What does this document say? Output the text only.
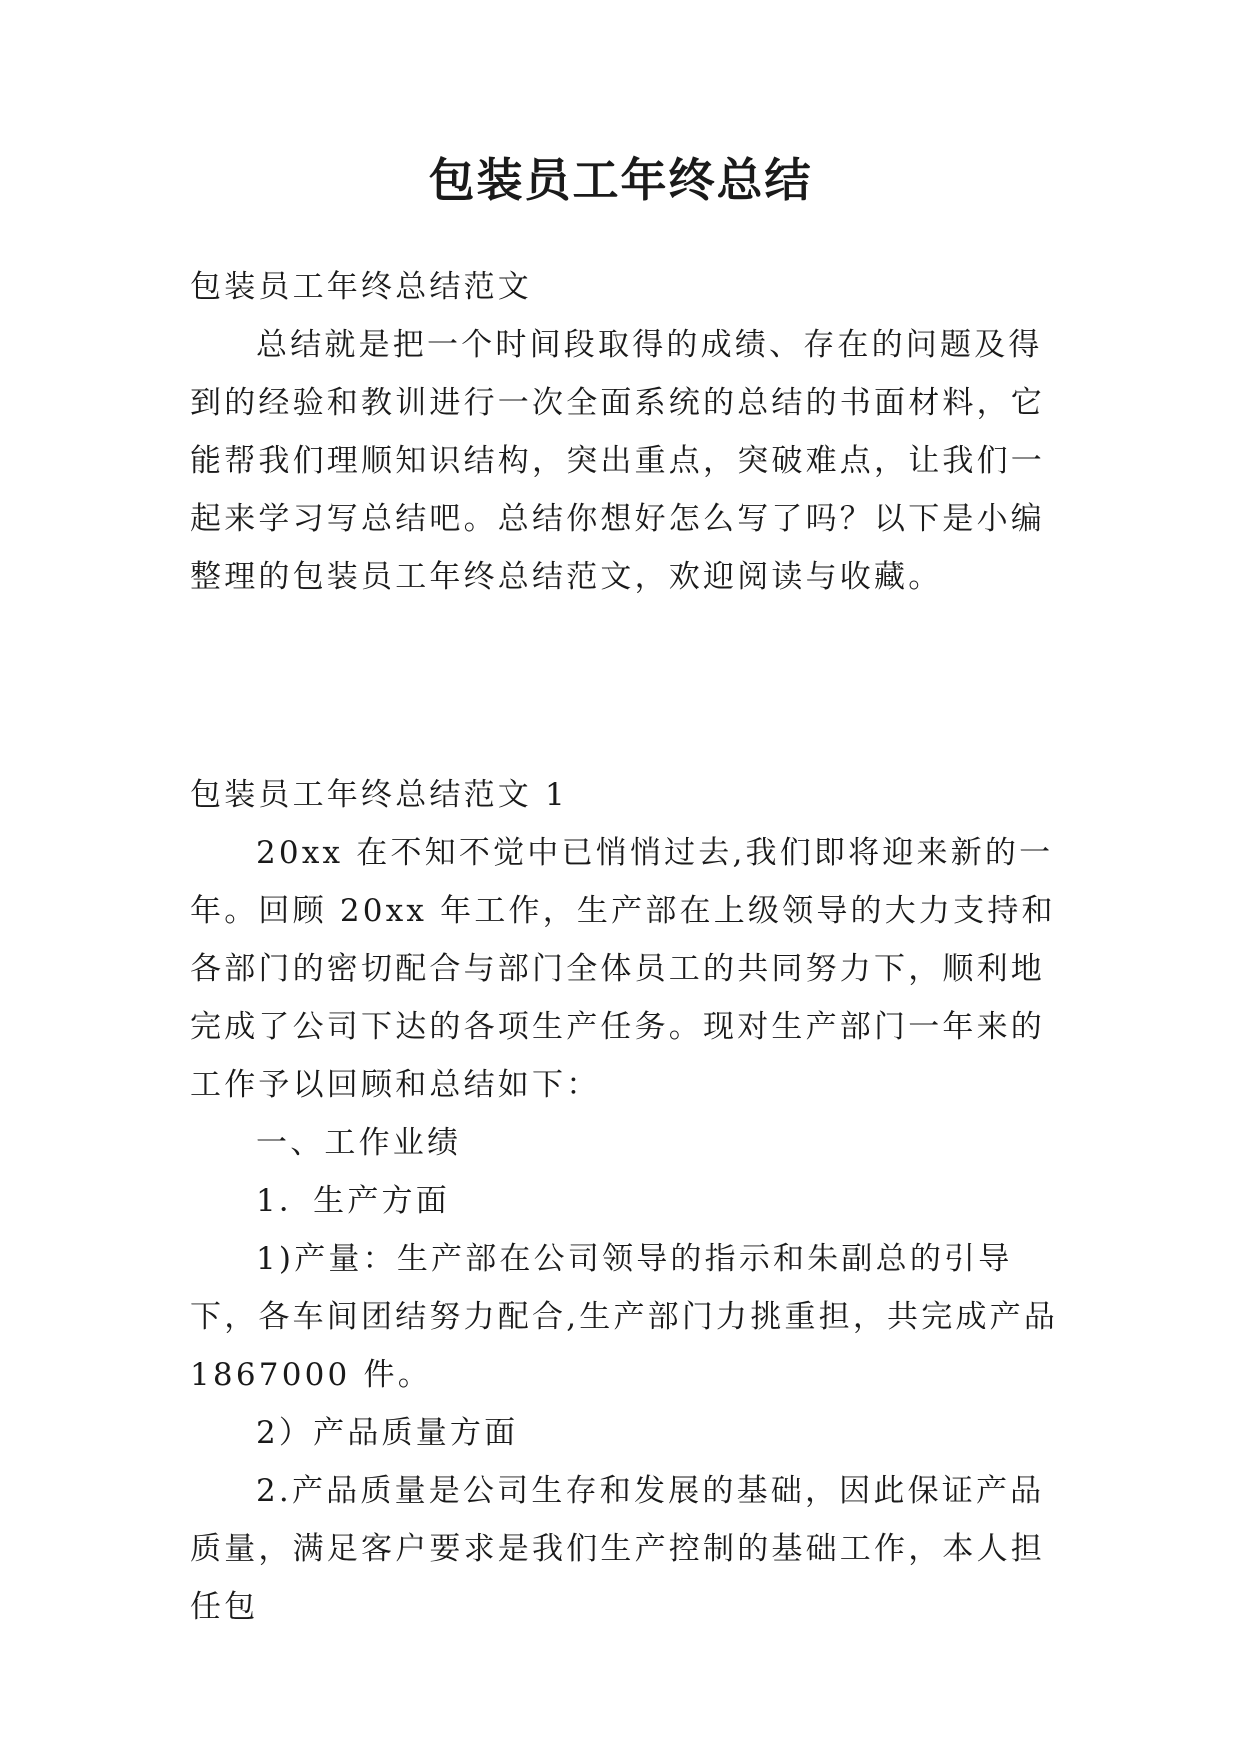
包装员工年终总结

包装员工年终总结范文

总结就是把一个时间段取得的成绩、存在的问题及得到的经验和教训进行一次全面系统的总结的书面材料，它能帮我们理顺知识结构，突出重点，突破难点，让我们一起来学习写总结吧。总结你想好怎么写了吗？以下是小编整理的包装员工年终总结范文，欢迎阅读与收藏。

包装员工年终总结范文 1

20xx 在不知不觉中已悄悄过去,我们即将迎来新的一年。回顾 20xx 年工作，生产部在上级领导的大力支持和各部门的密切配合与部门全体员工的共同努力下，顺利地完成了公司下达的各项生产任务。现对生产部门一年来的工作予以回顾和总结如下：

一、工作业绩

1．生产方面

1)产量：生产部在公司领导的指示和朱副总的引导下，各车间团结努力配合,生产部门力挑重担，共完成产品 1867000 件。

2）产品质量方面

2.产品质量是公司生存和发展的基础，因此保证产品质量，满足客户要求是我们生产控制的基础工作，本人担任包
